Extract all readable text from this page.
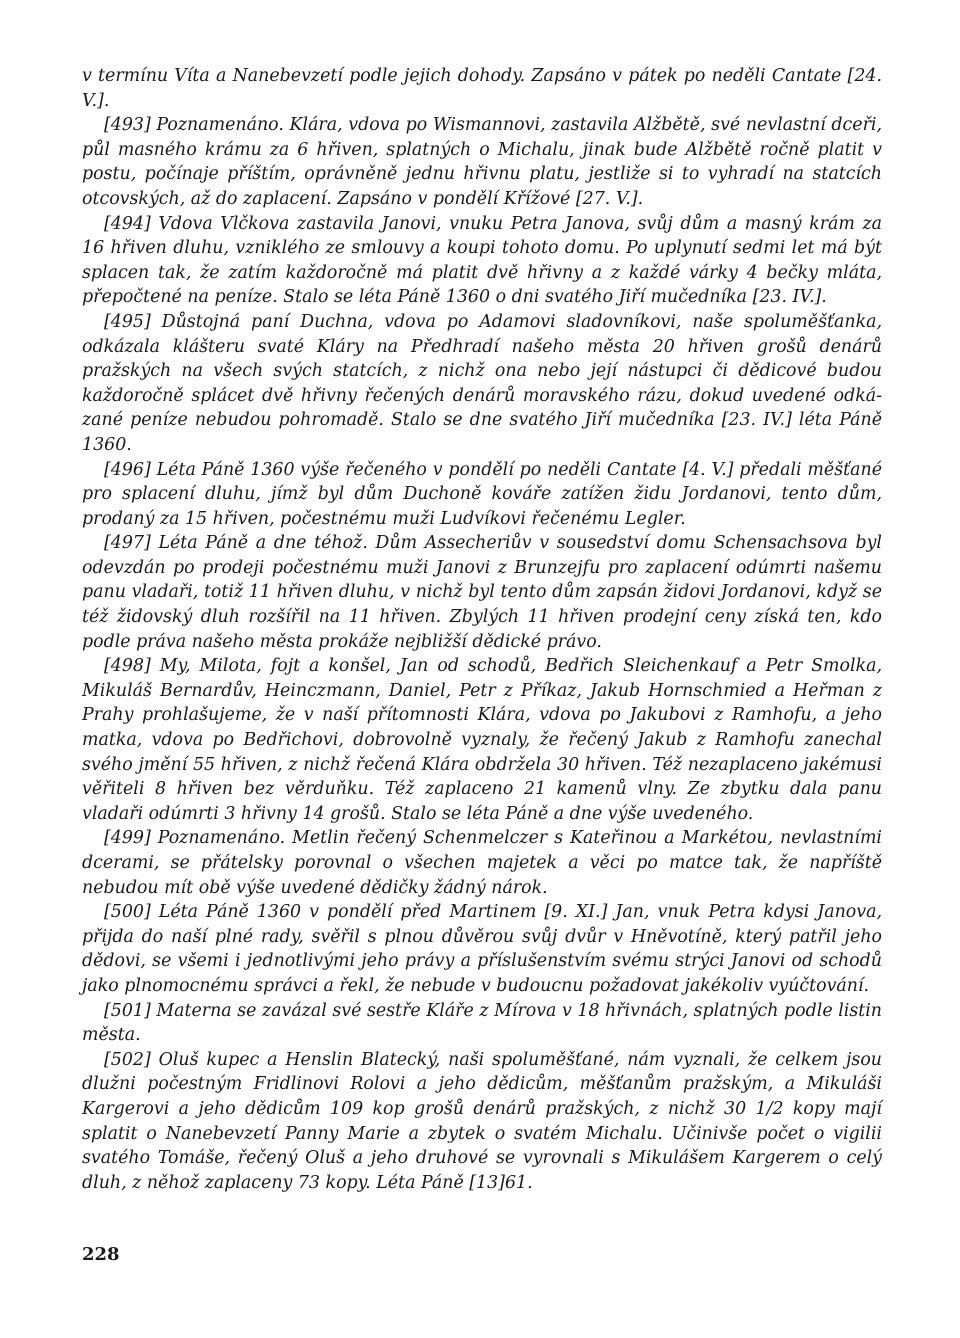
v termínu Víta a Nanebevzetí podle jejich dohody. Zapsáno v pátek po neděli Cantate [24. V.].

[493] Poznamenáno. Klára, vdova po Wismannovi, zastavila Alžbětě, své nevlastní dceři, půl masného krámu za 6 hřiven, splatných o Michalu, jinak bude Alžbětě ročně platit v postu, počínaje příštím, oprávněně jednu hřivnu platu, jestliže si to vyhradí na statcích otcovských, až do zaplacení. Zapsáno v pondělí Křížové [27. V.].

[494] Vdova Vlčkova zastavila Janovi, vnuku Petra Janova, svůj dům a masný krám za 16 hřiven dluhu, vzniklého ze smlouvy a koupi tohoto domu. Po uplynutí sedmi let má být splacen tak, že zatím každoročně má platit dvě hřivny a z každé várky 4 bečky mláta, přepočtené na peníze. Stalo se léta Páně 1360 o dni svatého Jiří mučedníka [23. IV.].

[495] Důstojná paní Duchna, vdova po Adamovi sladovníkovi, naše spoluměšťanka, odkázala klášteru svaté Kláry na Předhradí našeho města 20 hřiven grošů denárů pražských na všech svých statcích, z nichž ona nebo její nástupci či dědicové budou každoročně splácet dvě hřivny řečených denárů moravského rázu, dokud uvedené odkázané peníze nebudou pohromadě. Stalo se dne svatého Jiří mučedníka [23. IV.] léta Páně 1360.

[496] Léta Páně 1360 výše řečeného v pondělí po neděli Cantate [4. V.] předali měšťané pro splacení dluhu, jímž byl dům Duchoně kováře zatížen židu Jordanovi, tento dům, prodaný za 15 hřiven, počestnému muži Ludvíkovi řečenému Legler.

[497] Léta Páně a dne téhož. Dům Assecheriův v sousedství domu Schensachsova byl odevzdán po prodeji počestnému muži Janovi z Brunzejfu pro zaplacení odúmrti našemu panu vladaři, totiž 11 hřiven dluhu, v nichž byl tento dům zapsán židovi Jordanovi, když se též židovský dluh rozšířil na 11 hřiven. Zbylých 11 hřiven prodejní ceny získá ten, kdo podle práva našeho města prokáže nejbližší dědické právo.

[498] My, Milota, fojt a konšel, Jan od schodů, Bedřich Sleichenkauf a Petr Smolka, Mikuláš Bernardův, Heinczmann, Daniel, Petr z Příkaz, Jakub Hornschmied a Heřman z Prahy prohlašujeme, že v naší přítomnosti Klára, vdova po Jakubovi z Ramhofu, a jeho matka, vdova po Bedřichovi, dobrovolně vyznaly, že řečený Jakub z Ramhofu zanechal svého jmění 55 hřiven, z nichž řečená Klára obdržela 30 hřiven. Též nezaplaceno jakémusi věřiteli 8 hřiven bez věrduňku. Též zaplaceno 21 kamenů vlny. Ze zbytku dala panu vladaři odúmrti 3 hřivny 14 grošů. Stalo se léta Páně a dne výše uvedeného.

[499] Poznamenáno. Metlin řečený Schenmelczer s Kateřinou a Markétou, nevlastními dcerami, se přátelsky porovnal o všechen majetek a věci po matce tak, že napříště nebudou mít obě výše uvedené dědičky žádný nárok.

[500] Léta Páně 1360 v pondělí před Martinem [9. XI.] Jan, vnuk Petra kdysi Janova, přijda do naší plné rady, svěřil s plnou důvěrou svůj dvůr v Hněvotíně, který patřil jeho dědovi, se všemi i jednotlivými jeho právy a příslušenstvím svému strýci Janovi od schodů jako plnomocnému správci a řekl, že nebude v budoucnu požadovat jakékoliv vyúčtování.

[501] Materna se zavázal své sestře Kláře z Mírova v 18 hřivnách, splatných podle listin města.

[502] Oluš kupec a Henslin Blatecký, naši spoluměšťané, nám vyznali, že celkem jsou dlužni počestným Fridlinovi Rolovi a jeho dědicům, měšťanům pražským, a Mikuláši Kargerovi a jeho dědicům 109 kop grošů denárů pražských, z nichž 30 1/2 kopy mají splatit o Nanebevzetí Panny Marie a zbytek o svatém Michalu. Učinivše počet o vigilii svatého Tomáše, řečený Oluš a jeho druhové se vyrovnali s Mikulášem Kargerem o celý dluh, z něhož zaplaceny 73 kopy. Léta Páně [13]61.

228
